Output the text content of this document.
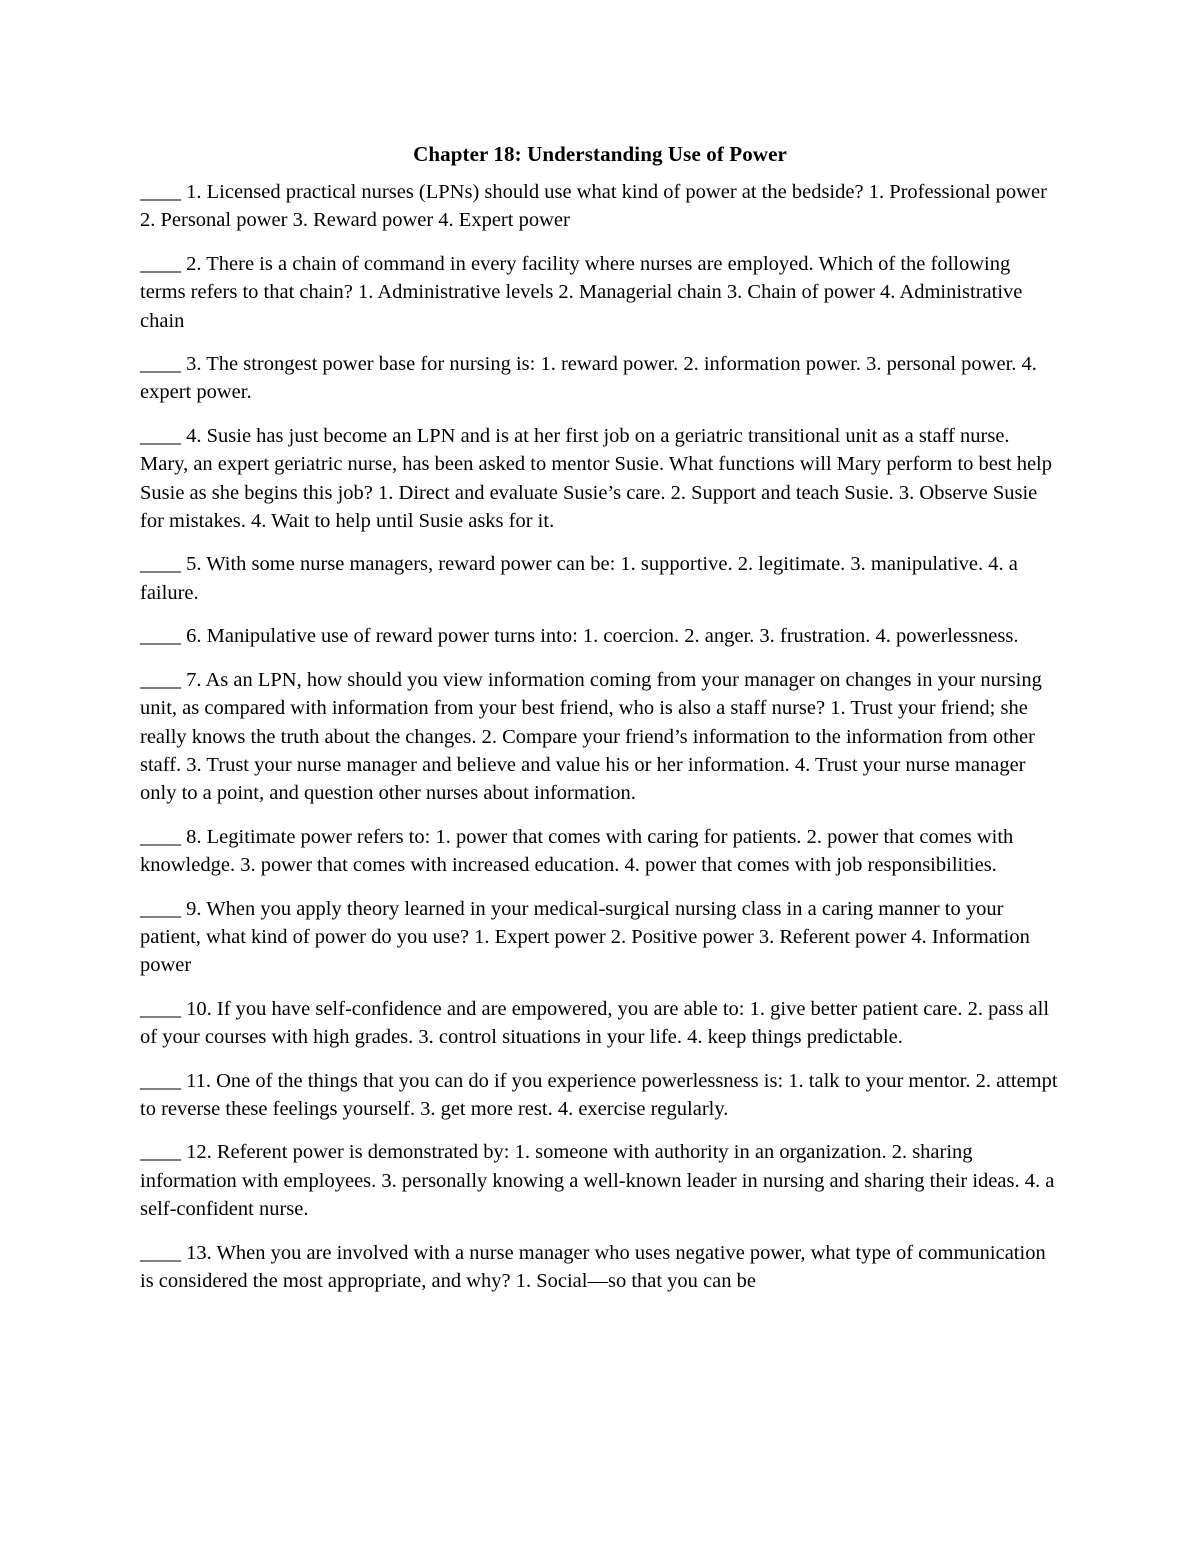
Chapter 18: Understanding Use of Power

____ 1. Licensed practical nurses (LPNs) should use what kind of power at the bedside? 1. Professional power 2. Personal power 3. Reward power 4. Expert power

____ 2. There is a chain of command in every facility where nurses are employed. Which of the following terms refers to that chain? 1. Administrative levels 2. Managerial chain 3. Chain of power 4. Administrative chain

____ 3. The strongest power base for nursing is: 1. reward power. 2. information power. 3. personal power. 4. expert power.

____ 4. Susie has just become an LPN and is at her first job on a geriatric transitional unit as a staff nurse. Mary, an expert geriatric nurse, has been asked to mentor Susie. What functions will Mary perform to best help Susie as she begins this job? 1. Direct and evaluate Susie’s care. 2. Support and teach Susie. 3. Observe Susie for mistakes. 4. Wait to help until Susie asks for it.

____ 5. With some nurse managers, reward power can be: 1. supportive. 2. legitimate. 3. manipulative. 4. a failure.

____ 6. Manipulative use of reward power turns into: 1. coercion. 2. anger. 3. frustration. 4. powerlessness.

____ 7. As an LPN, how should you view information coming from your manager on changes in your nursing unit, as compared with information from your best friend, who is also a staff nurse? 1. Trust your friend; she really knows the truth about the changes. 2. Compare your friend’s information to the information from other staff. 3. Trust your nurse manager and believe and value his or her information. 4. Trust your nurse manager only to a point, and question other nurses about information.

____ 8. Legitimate power refers to: 1. power that comes with caring for patients. 2. power that comes with knowledge. 3. power that comes with increased education. 4. power that comes with job responsibilities.

____ 9. When you apply theory learned in your medical-surgical nursing class in a caring manner to your patient, what kind of power do you use? 1. Expert power 2. Positive power 3. Referent power 4. Information power

____ 10. If you have self-confidence and are empowered, you are able to: 1. give better patient care. 2. pass all of your courses with high grades. 3. control situations in your life. 4. keep things predictable.

____ 11. One of the things that you can do if you experience powerlessness is: 1. talk to your mentor. 2. attempt to reverse these feelings yourself. 3. get more rest. 4. exercise regularly.

____ 12. Referent power is demonstrated by: 1. someone with authority in an organization. 2. sharing information with employees. 3. personally knowing a well-known leader in nursing and sharing their ideas. 4. a self-confident nurse.

____ 13. When you are involved with a nurse manager who uses negative power, what type of communication is considered the most appropriate, and why? 1. Social—so that you can be
